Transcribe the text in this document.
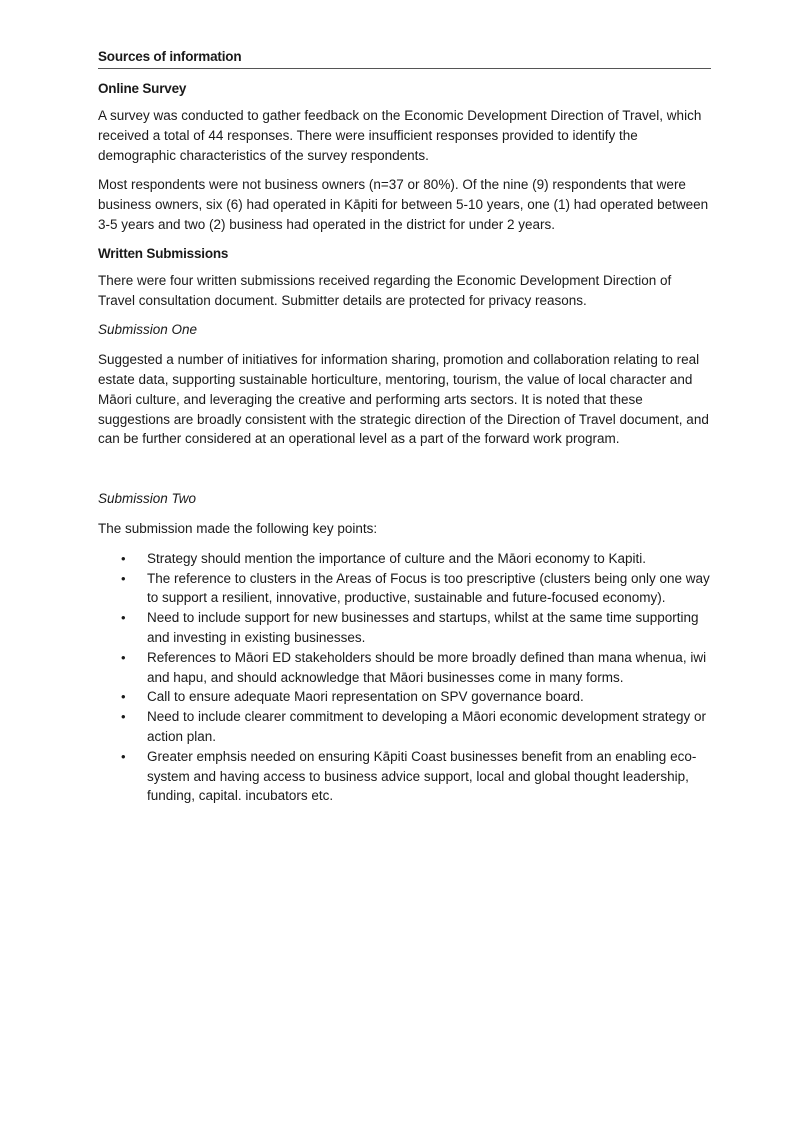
Sources of information
Online Survey

A survey was conducted to gather feedback on the Economic Development Direction of Travel, which received a total of 44 responses. There were insufficient responses provided to identify the demographic characteristics of the survey respondents.

Most respondents were not business owners (n=37 or 80%). Of the nine (9) respondents that were business owners, six (6) had operated in Kāpiti for between 5-10 years, one (1) had operated between 3-5 years and two (2) business had operated in the district for under 2 years.

Written Submissions

There were four written submissions received regarding the Economic Development Direction of Travel consultation document. Submitter details are protected for privacy reasons.

Submission One

Suggested a number of initiatives for information sharing, promotion and collaboration relating to real estate data, supporting sustainable horticulture, mentoring, tourism, the value of local character and Māori culture, and leveraging the creative and performing arts sectors. It is noted that these suggestions are broadly consistent with the strategic direction of the Direction of Travel document, and can be further considered at an operational level as a part of the forward work program.

Submission Two

The submission made the following key points:

• Strategy should mention the importance of culture and the Māori economy to Kapiti.
• The reference to clusters in the Areas of Focus is too prescriptive (clusters being only one way to support a resilient, innovative, productive, sustainable and future-focused economy).
• Need to include support for new businesses and startups, whilst at the same time supporting and investing in existing businesses.
• References to Māori ED stakeholders should be more broadly defined than mana whenua, iwi and hapu, and should acknowledge that Māori businesses come in many forms.
• Call to ensure adequate Maori representation on SPV governance board.
• Need to include clearer commitment to developing a Māori economic development strategy or action plan.
• Greater emphsis needed on ensuring Kāpiti Coast businesses benefit from an enabling eco-system and having access to business advice support, local and global thought leadership, funding, capital. incubators etc.
